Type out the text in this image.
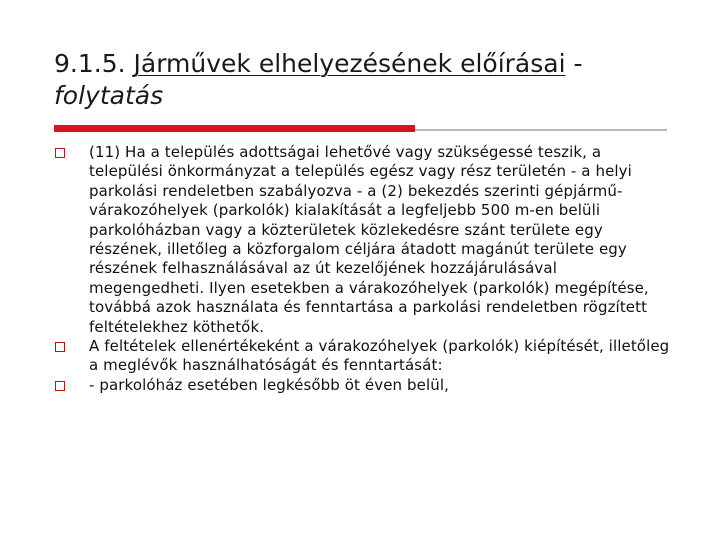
9.1.5. Járművek elhelyezésének előírásai -
folytatás
(11) Ha a település adottságai lehetővé vagy szükségessé teszik, a települési önkormányzat a település egész vagy rész területén - a helyi parkolási rendeletben szabályozva - a (2) bekezdés szerinti gépjármű-várakozóhelyek (parkolók) kialakítását a legfeljebb 500 m-en belüli parkolóházban vagy a közterületek közlekedésre szánt területe egy részének, illetőleg a közforgalom céljára átadott magánút területe egy részének felhasználásával az út kezelőjének hozzájárulásával megengedheti. Ilyen esetekben a várakozóhelyek (parkolók) megépítése, továbbá azok használata és fenntartása a parkolási rendeletben rögzített feltételekhez köthetők.
A feltételek ellenértékeként a várakozóhelyek (parkolók) kiépítését, illetőleg a meglévők használhatóságát és fenntartását:
- parkolóház esetében legkésőbb öt éven belül,
